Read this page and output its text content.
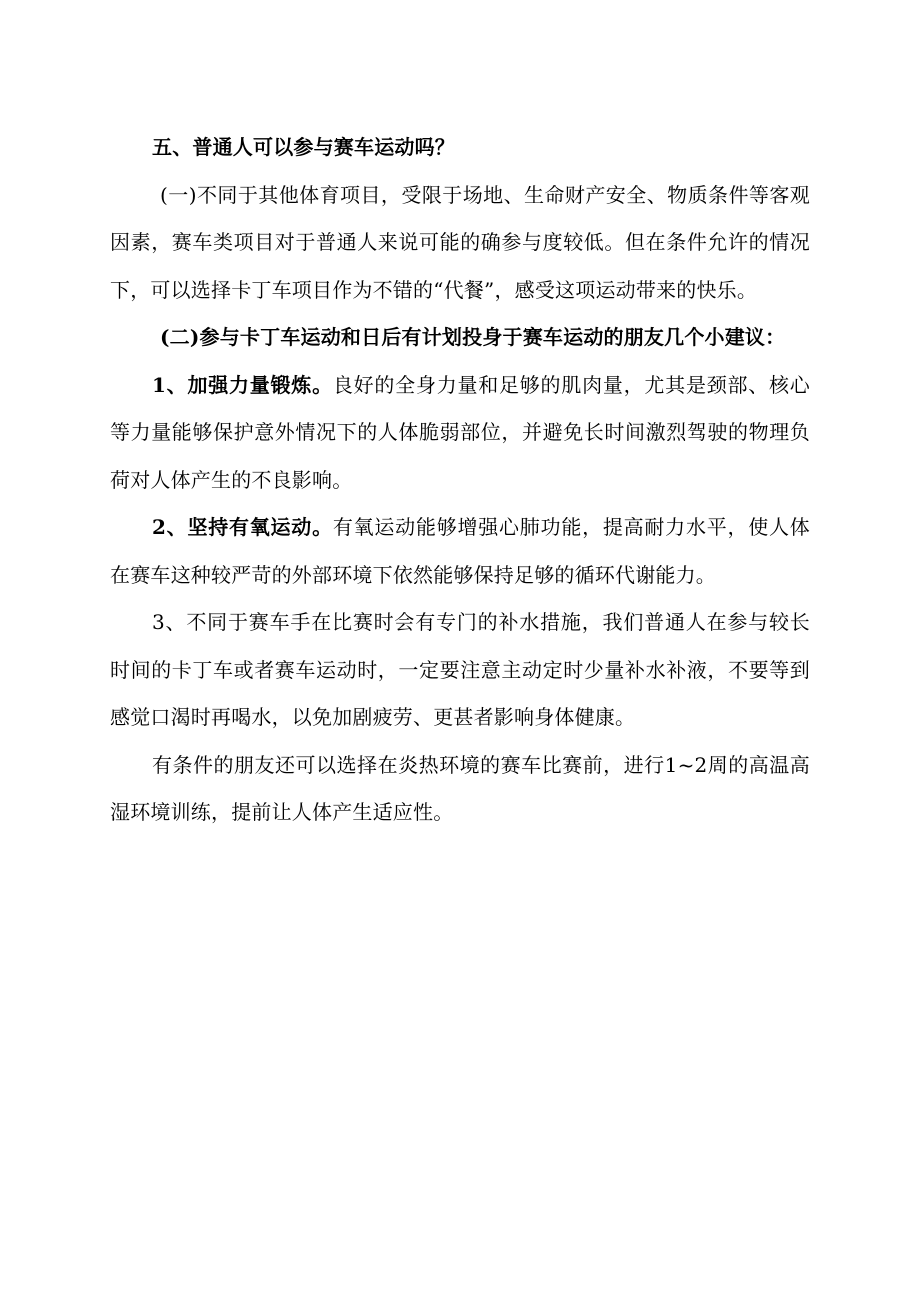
五、普通人可以参与赛车运动吗？

(一)不同于其他体育项目，受限于场地、生命财产安全、物质条件等客观因素，赛车类项目对于普通人来说可能的确参与度较低。但在条件允许的情况下，可以选择卡丁车项目作为不错的“代餐”，感受这项运动带来的快乐。

(二)参与卡丁车运动和日后有计划投身于赛车运动的朋友几个小建议：

1、加强力量锻炼。良好的全身力量和足够的肌肉量，尤其是颈部、核心等力量能够保护意外情况下的人体脆弱部位，并避免长时间激烈驾驶的物理负荷对人体产生的不良影响。

2、坚持有氧运动。有氧运动能够增强心肺功能，提高耐力水平，使人体在赛车这种较严苛的外部环境下依然能够保持足够的循环代谢能力。

3、不同于赛车手在比赛时会有专门的补水措施，我们普通人在参与较长时间的卡丁车或者赛车运动时，一定要注意主动定时少量补水补液，不要等到感觉口渴时再喝水，以免加剧疲劳、更甚者影响身体健康。

有条件的朋友还可以选择在炎热环境的赛车比赛前，进行1~2周的高温高湿环境训练，提前让人体产生适应性。
